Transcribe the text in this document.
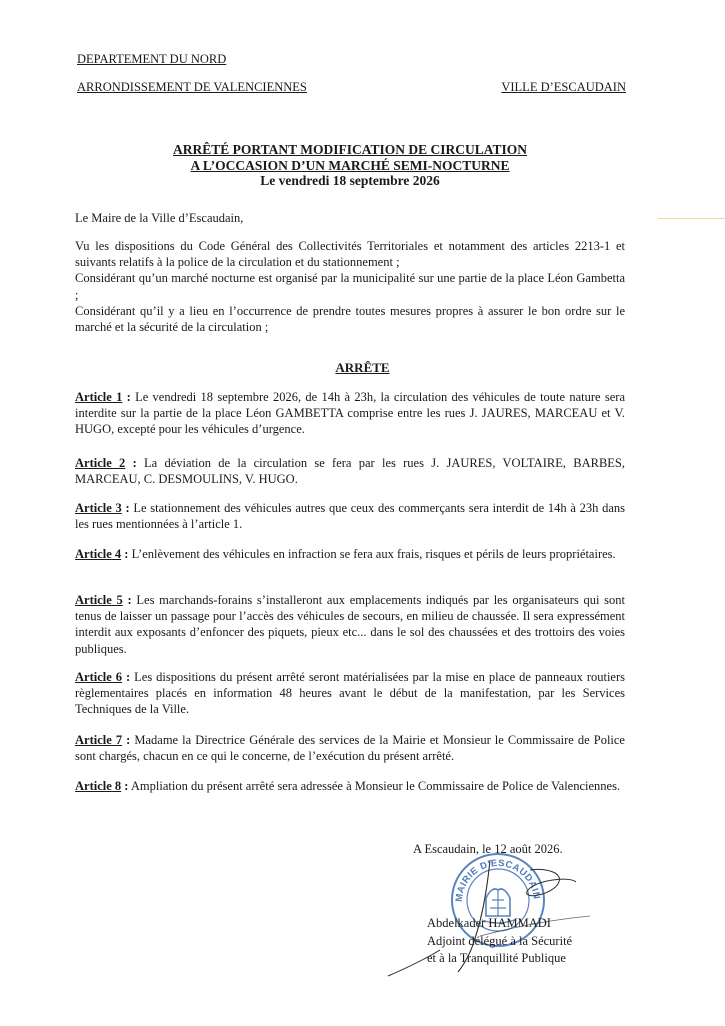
DEPARTEMENT DU NORD
ARRONDISSEMENT DE VALENCIENNES	VILLE D’ESCAUDAIN
ARRÊTÉ PORTANT MODIFICATION DE CIRCULATION
A L’OCCASION D’UN MARCHÉ SEMI-NOCTURNE
Le vendredi 18 septembre 2026
Le Maire de la Ville d’Escaudain,

Vu les dispositions du Code Général des Collectivités Territoriales et notamment des articles 2213-1 et suivants relatifs à la police de la circulation et du stationnement ;

Considérant qu’un marché nocturne est organisé par la municipalité sur une partie de la place Léon Gambetta ;

Considérant qu’il y a lieu en l’occurrence de prendre toutes mesures propres à assurer le bon ordre sur le marché et la sécurité de la circulation ;

ARRÊTE
Article 1 : Le vendredi 18 septembre 2026, de 14h à 23h, la circulation des véhicules de toute nature sera interdite sur la partie de la place Léon GAMBETTA comprise entre les rues J. JAURES, MARCEAU et V. HUGO, excepté pour les véhicules d’urgence.
Article 2 : La déviation de la circulation se fera par les rues J. JAURES, VOLTAIRE, BARBES, MARCEAU, C. DESMOULINS, V. HUGO.
Article 3 : Le stationnement des véhicules autres que ceux des commerçants sera interdit de 14h à 23h dans les rues mentionnées à l’article 1.
Article 4 : L’enlèvement des véhicules en infraction se fera aux frais, risques et périls de leurs propriétaires.
Article 5 : Les marchands-forains s’installeront aux emplacements indiqués par les organisateurs qui sont tenus de laisser un passage pour l’accès des véhicules de secours, en milieu de chaussée. Il sera expressément interdit aux exposants d’enfoncer des piquets, pieux etc... dans le sol des chaussées et des trottoirs des voies publiques.
Article 6 : Les dispositions du présent arrêté seront matérialisées par la mise en place de panneaux routiers règlementaires placés en information 48 heures avant le début de la manifestation, par les Services Techniques de la Ville.
Article 7 : Madame la Directrice Générale des services de la Mairie et Monsieur le Commissaire de Police sont chargés, chacun en ce qui le concerne, de l’exécution du présent arrêté.
Article 8 : Ampliation du présent arrêté sera adressée à Monsieur le Commissaire de Police de Valenciennes.
MAIRIE D'ESCAUDAIN
A Escaudain, le 12 août 2026.
Abdelkader HAMMADI
Adjoint délégué à la Sécurité
et à la Tranquillité Publique
